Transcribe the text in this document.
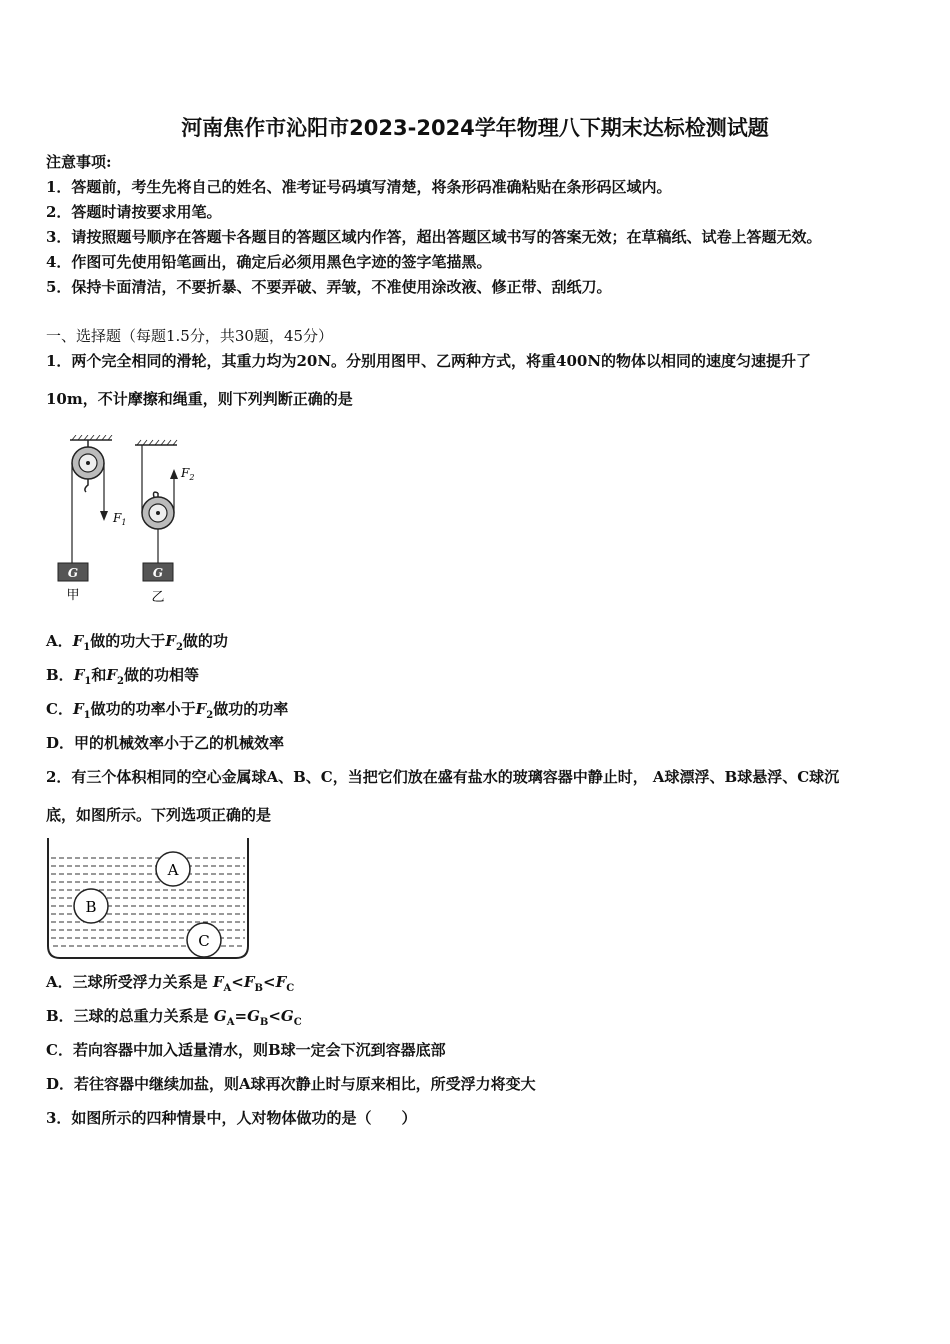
河南焦作市沁阳市2023-2024学年物理八下期末达标检测试题
注意事项:
1．答题前，考生先将自己的姓名、准考证号码填写清楚，将条形码准确粘贴在条形码区域内。
2．答题时请按要求用笔。
3．请按照题号顺序在答题卡各题目的答题区域内作答，超出答题区域书写的答案无效；在草稿纸、试卷上答题无效。
4．作图可先使用铅笔画出，确定后必须用黑色字迹的签字笔描黑。
5．保持卡面清洁，不要折暴、不要弄破、弄皱，不准使用涂改液、修正带、刮纸刀。
一、选择题（每题1.5分，共30题，45分）
1．两个完全相同的滑轮，其重力均为20N。分别用图甲、乙两种方式，将重400N的物体以相同的速度匀速提升了
10m，不计摩擦和绳重，则下列判断正确的是
$F_1$
G
甲
$F_2$
G
乙
A．$F_1$做的功大于$F_2$做的功
B．$F_1$和$F_2$做的功相等
C．$F_1$做功的功率小于$F_2$做功的功率
D．甲的机械效率小于乙的机械效率
2．有三个体积相同的空心金属球A、B、C，当把它们放在盛有盐水的玻璃容器中静止时， A球漂浮、B球悬浮、C球沉
底，如图所示。下列选项正确的是
A
B
C
A．三球所受浮力关系是 $F_A<F_B<F_C$
B．三球的总重力关系是 $G_A=G_B<G_C$
C．若向容器中加入适量清水，则B球一定会下沉到容器底部
D．若往容器中继续加盐，则A球再次静止时与原来相比，所受浮力将变大
3．如图所示的四种情景中，人对物体做功的是（　　）
